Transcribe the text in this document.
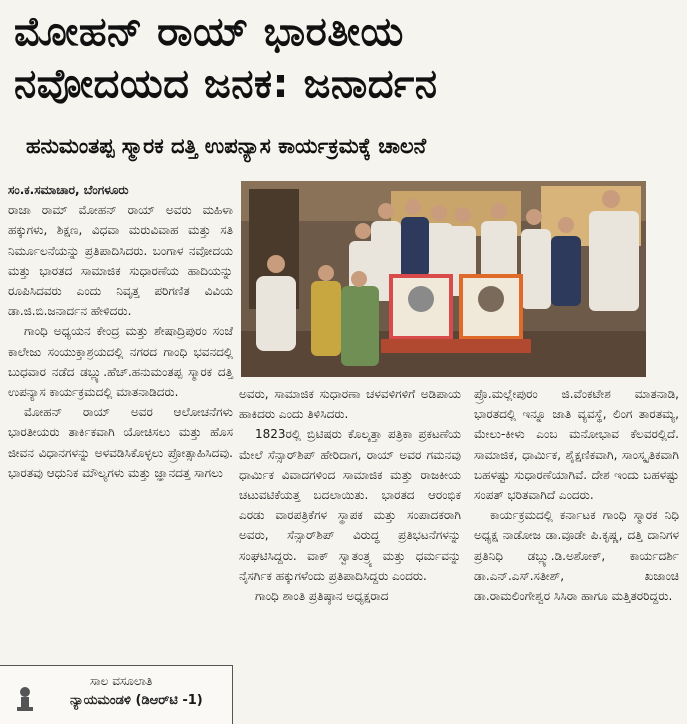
ಮೋಹನ್ ರಾಯ್ ಭಾರತೀಯ
ನವೋದಯದ ಜನಕ: ಜನಾರ್ದನ
ಹನುಮಂತಪ್ಪ ಸ್ಮಾರಕ ದತ್ತಿ ಉಪನ್ಯಾಸ ಕಾರ್ಯಕ್ರಮಕ್ಕೆ ಚಾಲನೆ

ಸಂ.ಕ.ಸಮಾಚಾರ, ಬೆಂಗಳೂರು

ರಾಜಾ ರಾಮ್ ಮೋಹನ್ ರಾಯ್ ಅವರು ಮಹಿಳಾ ಹಕ್ಕುಗಳು, ಶಿಕ್ಷಣ, ವಿಧವಾ ಮರುವಿವಾಹ ಮತ್ತು ಸತಿ ನಿರ್ಮೂಲನೆಯನ್ನು ಪ್ರತಿಪಾದಿಸಿದರು. ಬಂಗಾಳ ನವೋದಯ ಮತ್ತು ಭಾರತದ ಸಾಮಾಜಿಕ ಸುಧಾರಣೆಯ ಹಾದಿಯನ್ನು ರೂಪಿಸಿದವರು ಎಂದು ನಿವೃತ್ತ ಪರಿಗಣಿತ ವಿವಿಯ ಡಾ.ಜಿ.ಬಿ.ಜನಾರ್ದನ ಹೇಳಿದರು.

ಗಾಂಧಿ ಅಧ್ಯಯನ ಕೇಂದ್ರ ಮತ್ತು ಶೇಷಾದ್ರಿಪುರಂ ಸಂಜೆ ಕಾಲೇಜು ಸಂಯುಕ್ತಾಶ್ರಯದಲ್ಲಿ ನಗರದ ಗಾಂಧಿ ಭವನದಲ್ಲಿ ಬುಧವಾರ ನಡೆದ ಡಬ್ಲ್ಯು.ಹೆಚ್.ಹನುಮಂತಪ್ಪ ಸ್ಮಾರಕ ದತ್ತಿ ಉಪನ್ಯಾಸ ಕಾರ್ಯಕ್ರಮದಲ್ಲಿ ಮಾತನಾಡಿದರು.

ಮೋಹನ್ ರಾಯ್ ಅವರ ಆಲೋಚನೆಗಳು ಭಾರತೀಯರು ತಾರ್ಕಿಕವಾಗಿ ಯೋಚಿಸಲು ಮತ್ತು ಹೊಸ ಜೀವನ ವಿಧಾನಗಳನ್ನು ಅಳವಡಿಸಿಕೊಳ್ಳಲು ಪ್ರೋತ್ಸಾಹಿಸಿದವು. ಭಾರತವು ಆಧುನಿಕ ಮೌಲ್ಯಗಳು ಮತ್ತು ಜ್ಞಾನದತ್ತ ಸಾಗಲು

ಅವರು, ಸಾಮಾಜಿಕ ಸುಧಾರಣಾ ಚಳವಳಿಗಳಿಗೆ ಅಡಿಪಾಯ ಹಾಕಿದರು ಎಂದು ತಿಳಿಸಿದರು.

1823ರಲ್ಲಿ ಬ್ರಿಟಿಷರು ಕೊಲ್ಕತ್ತಾ ಪತ್ರಿಕಾ ಪ್ರಕಟಣೆಯ ಮೇಲೆ ಸೆನ್ಸಾರ್‌ಶಿಪ್ ಹೇರಿದಾಗ, ರಾಯ್ ಅವರ ಗಮನವು ಧಾರ್ಮಿಕ ವಿವಾದಗಳಿಂದ ಸಾಮಾಜಿಕ ಮತ್ತು ರಾಜಕೀಯ ಚಟುವಟಿಕೆಯತ್ತ ಬದಲಾಯಿತು. ಭಾರತದ ಆರಂಭಿಕ ಎರಡು ವಾರಪತ್ರಿಕೆಗಳ ಸ್ಥಾಪಕ ಮತ್ತು ಸಂಪಾದಕರಾಗಿ ಅವರು, ಸೆನ್ಸಾರ್‌ಶಿಪ್ ವಿರುದ್ಧ ಪ್ರತಿಭಟನೆಗಳನ್ನು ಸಂಘಟಿಸಿದ್ದರು. ವಾಕ್ ಸ್ವಾತಂತ್ರ್ಯ ಮತ್ತು ಧರ್ಮವನ್ನು ನೈಸರ್ಗಿಕ ಹಕ್ಕುಗಳೆಂದು ಪ್ರತಿಪಾದಿಸಿದ್ದರು ಎಂದರು.

ಗಾಂಧಿ ಶಾಂತಿ ಪ್ರತಿಷ್ಠಾನ ಅಧ್ಯಕ್ಷರಾದ

ಪ್ರೊ.ಮಲ್ಲೇಪುರಂ ಜಿ.ವೆಂಕಟೇಶ ಮಾತನಾಡಿ, ಭಾರತದಲ್ಲಿ ಇನ್ನೂ ಜಾತಿ ವ್ಯವಸ್ಥೆ, ಲಿಂಗ ತಾರತಮ್ಯ, ಮೇಲು-ಕೀಳು ಎಂಬ ಮನೋಭಾವ ಕೆಲವರಲ್ಲಿದೆ. ಸಾಮಾಜಿಕ, ಧಾರ್ಮಿಕ, ಶೈಕ್ಷಣಿಕವಾಗಿ, ಸಾಂಸ್ಕೃತಿಕವಾಗಿ ಬಹಳಷ್ಟು ಸುಧಾರಣೆಯಾಗಿವೆ. ದೇಶ ಇಂದು ಬಹಳಷ್ಟು ಸಂಪತ್ ಭರಿತವಾಗಿದೆ ಎಂದರು.

ಕಾರ್ಯಕ್ರಮದಲ್ಲಿ ಕರ್ನಾಟಕ ಗಾಂಧಿ ಸ್ಮಾರಕ ನಿಧಿ ಅಧ್ಯಕ್ಷ ನಾಡೋಜ ಡಾ.ವೂಡೇ ಪಿ.ಕೃಷ್ಣ, ದತ್ತಿ ದಾನಿಗಳ ಪ್ರತಿನಿಧಿ ಡಬ್ಲ್ಯು.ಡಿ.ಅಶೋಕ್, ಕಾರ್ಯದರ್ಶಿ ಡಾ.ಎನ್.ಎಸ್.ಸತೀಶ್, ಖಜಾಂಚಿ ಡಾ.ರಾಮಲಿಂಗೇಶ್ವರ ಸಿಸಿರಾ ಹಾಗೂ ಮತ್ತಿತರರಿದ್ದರು.

ಸಾಲ ವಸೂಲಾತಿ
ನ್ಯಾಯಮಂಡಳಿ (ಡಿಆರ್‌ಟಿ -1)
